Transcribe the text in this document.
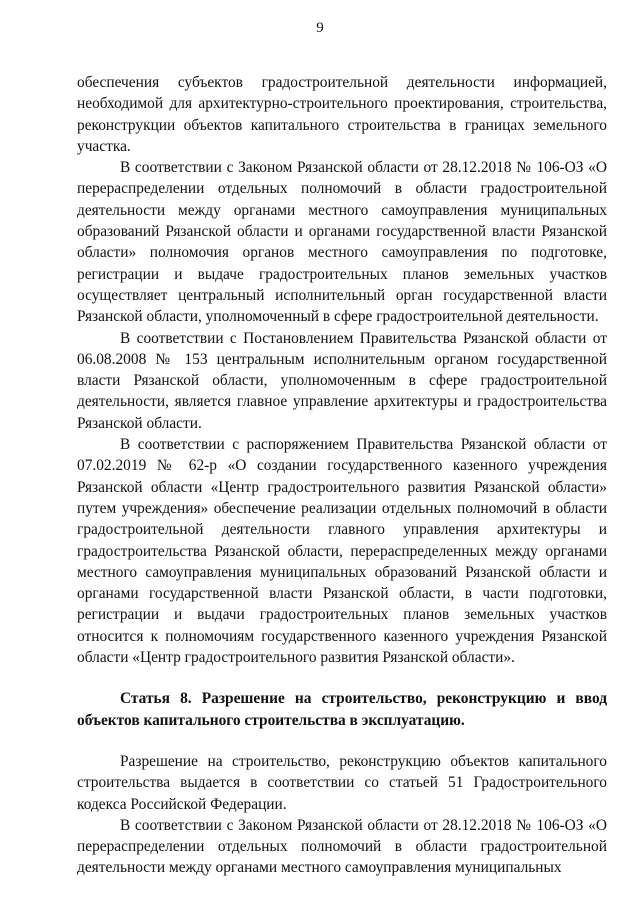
9

обеспечения субъектов градостроительной деятельности информацией, необходимой для архитектурно-строительного проектирования, строительства, реконструкции объектов капитального строительства в границах земельного участка.

В соответствии с Законом Рязанской области от 28.12.2018 № 106-ОЗ «О перераспределении отдельных полномочий в области градостроительной деятельности между органами местного самоуправления муниципальных образований Рязанской области и органами государственной власти Рязанской области» полномочия органов местного самоуправления по подготовке, регистрации и выдаче градостроительных планов земельных участков осуществляет центральный исполнительный орган государственной власти Рязанской области, уполномоченный в сфере градостроительной деятельности.

В соответствии с Постановлением Правительства Рязанской области от 06.08.2008 № 153 центральным исполнительным органом государственной власти Рязанской области, уполномоченным в сфере градостроительной деятельности, является главное управление архитектуры и градостроительства Рязанской области.

В соответствии с распоряжением Правительства Рязанской области от 07.02.2019 № 62-р «О создании государственного казенного учреждения Рязанской области «Центр градостроительного развития Рязанской области» путем учреждения» обеспечение реализации отдельных полномочий в области градостроительной деятельности главного управления архитектуры и градостроительства Рязанской области, перераспределенных между органами местного самоуправления муниципальных образований Рязанской области и органами государственной власти Рязанской области, в части подготовки, регистрации и выдачи градостроительных планов земельных участков относится к полномочиям государственного казенного учреждения Рязанской области «Центр градостроительного развития Рязанской области».

Статья 8. Разрешение на строительство, реконструкцию и ввод объектов капитального строительства в эксплуатацию.

Разрешение на строительство, реконструкцию объектов капитального строительства выдается в соответствии со статьей 51 Градостроительного кодекса Российской Федерации.

В соответствии с Законом Рязанской области от 28.12.2018 № 106-ОЗ «О перераспределении отдельных полномочий в области градостроительной деятельности между органами местного самоуправления муниципальных
